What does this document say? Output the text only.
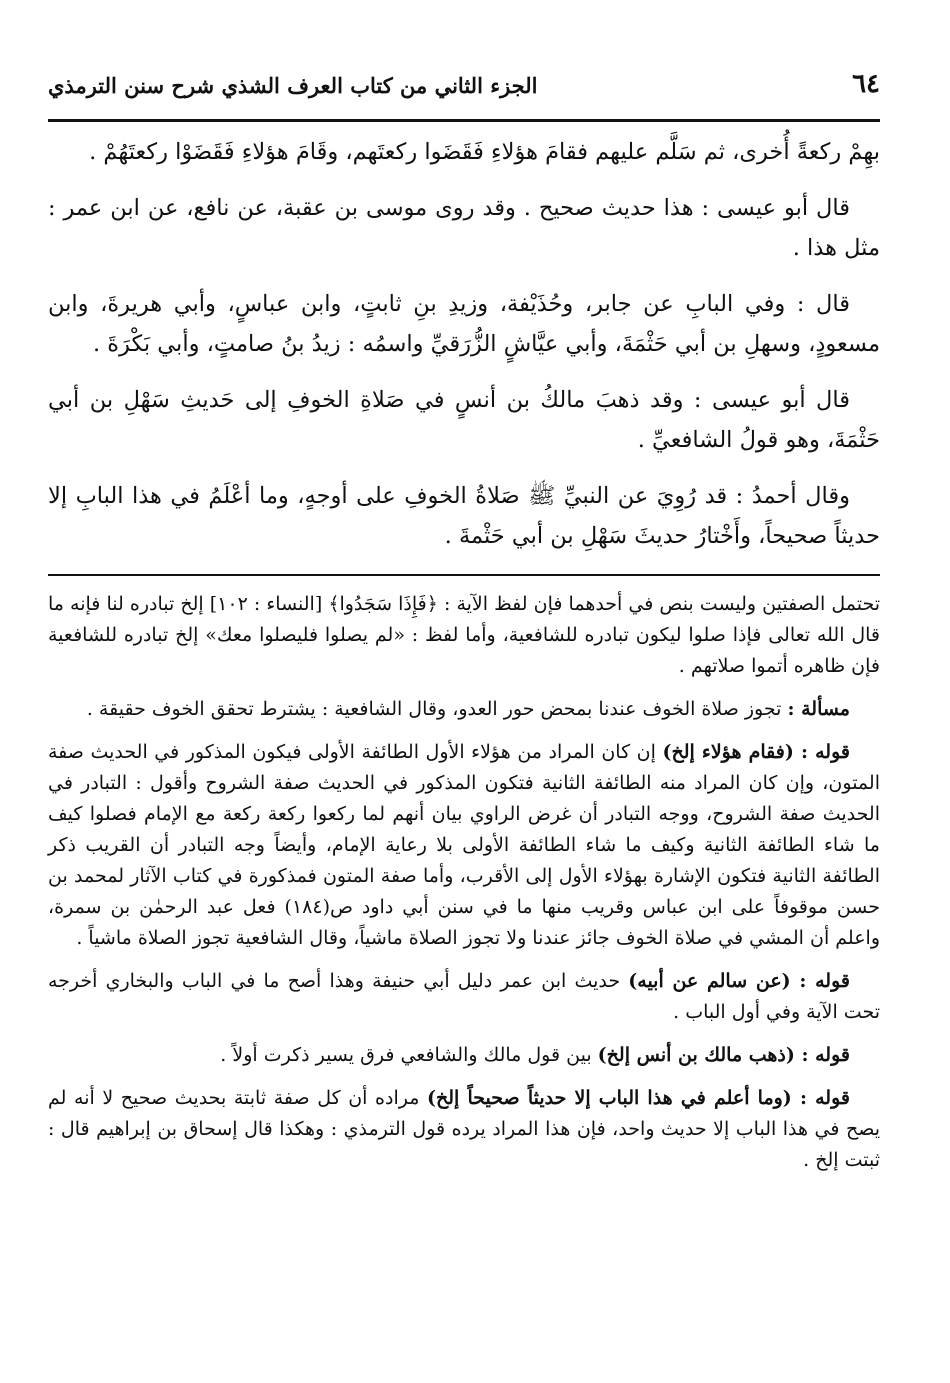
٦٤
الجزء الثاني من كتاب العرف الشذي شرح سنن الترمذي

بهِمْ ركعةً أُخرى، ثم سَلَّم عليهم فقامَ هؤلاءِ فَقَضَوا ركعتَهم، وقَامَ هؤلاءِ فَقَضَوْا ركعتَهُمْ .

قال أبو عيسى : هذا حديث صحيح . وقد روى موسى بن عقبة، عن نافع، عن ابن عمر : مثل هذا .

قال : وفي البابِ عن جابر، وحُذَيْفة، وزيدِ بنِ ثابتٍ، وابن عباسٍ، وأبي هريرةَ، وابن مسعودٍ، وسهلِ بن أبي حَثْمَةَ، وأبي عيَّاشٍ الزُّرَقيِّ واسمُه : زيدُ بنُ صامتٍ، وأبي بَكْرَةَ .

قال أبو عيسى : وقد ذهبَ مالكُ بن أنسٍ في صَلاةِ الخوفِ إلى حَديثِ سَهْلِ بن أبي حَثْمَةَ، وهو قولُ الشافعيِّ .

وقال أحمدُ : قد رُوِيَ عن النبيِّ ﷺ صَلاةُ الخوفِ على أوجهٍ، وما أعْلَمُ في هذا البابِ إلا حديثاً صحيحاً، وأَخْتارُ حديثَ سَهْلِ بن أبي حَثْمةَ .

تحتمل الصفتين وليست بنص في أحدهما فإن لفظ الآية : ﴿فَإِذَا سَجَدُوا﴾ [النساء : ١٠٢] إلخ تبادره لنا فإنه ما قال الله تعالى فإذا صلوا ليكون تبادره للشافعية، وأما لفظ : «لم يصلوا فليصلوا معك» إلخ تبادره للشافعية فإن ظاهره أتموا صلاتهم .

مسألة : تجوز صلاة الخوف عندنا بمحض حور العدو، وقال الشافعية : يشترط تحقق الخوف حقيقة .

قوله : (فقام هؤلاء إلخ) إن كان المراد من هؤلاء الأول الطائفة الأولى فيكون المذكور في الحديث صفة المتون، وإن كان المراد منه الطائفة الثانية فتكون المذكور في الحديث صفة الشروح وأقول : التبادر في الحديث صفة الشروح، ووجه التبادر أن غرض الراوي بيان أنهم لما ركعوا ركعة ركعة مع الإمام فصلوا كيف ما شاء الطائفة الثانية وكيف ما شاء الطائفة الأولى بلا رعاية الإمام، وأيضاً وجه التبادر أن القريب ذكر الطائفة الثانية فتكون الإشارة بهؤلاء الأول إلى الأقرب، وأما صفة المتون فمذكورة في كتاب الآثار لمحمد بن حسن موقوفاً على ابن عباس وقريب منها ما في سنن أبي داود ص(١٨٤) فعل عبد الرحمٰن بن سمرة، واعلم أن المشي في صلاة الخوف جائز عندنا ولا تجوز الصلاة ماشياً، وقال الشافعية تجوز الصلاة ماشياً .

قوله : (عن سالم عن أبيه) حديث ابن عمر دليل أبي حنيفة وهذا أصح ما في الباب والبخاري أخرجه تحت الآية وفي أول الباب .

قوله : (ذهب مالك بن أنس إلخ) بين قول مالك والشافعي فرق يسير ذكرت أولاً .

قوله : (وما أعلم في هذا الباب إلا حديثاً صحيحاً إلخ) مراده أن كل صفة ثابتة بحديث صحيح لا أنه لم يصح في هذا الباب إلا حديث واحد، فإن هذا المراد يرده قول الترمذي : وهكذا قال إسحاق بن إبراهيم قال : ثبتت إلخ .
